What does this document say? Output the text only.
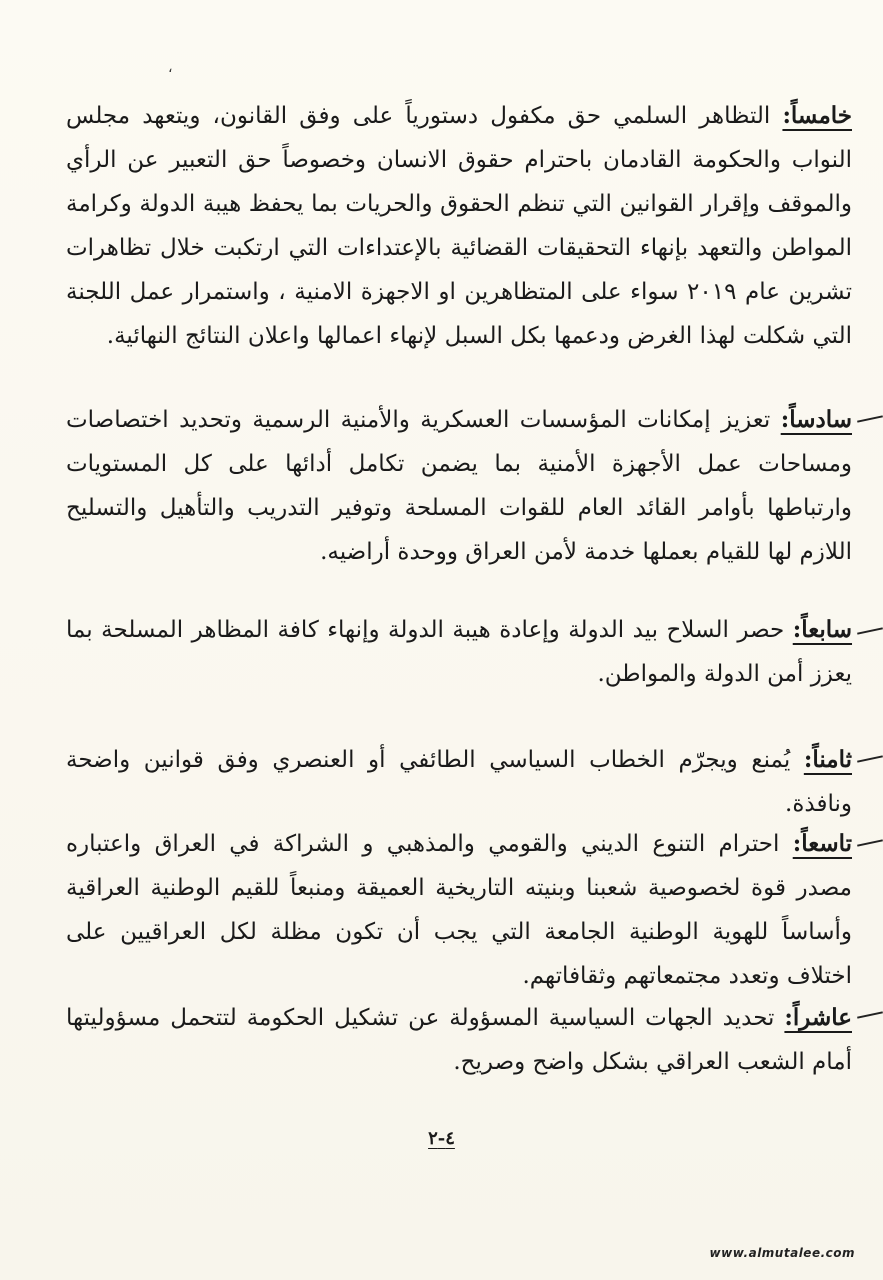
،
خامساً: التظاهر السلمي حق مكفول دستورياً على وفق القانون، ويتعهد مجلس النواب والحكومة القادمان باحترام حقوق الانسان وخصوصاً حق التعبير عن الرأي والموقف وإقرار القوانين التي تنظم الحقوق والحريات بما يحفظ هيبة الدولة وكرامة المواطن والتعهد بإنهاء التحقيقات القضائية بالإعتداءات التي ارتكبت خلال تظاهرات تشرين عام ٢٠١٩ سواء على المتظاهرين او الاجهزة الامنية ، واستمرار عمل اللجنة التي شكلت لهذا الغرض ودعمها بكل السبل لإنهاء اعمالها واعلان النتائج النهائية.
سادساً: تعزيز إمكانات المؤسسات العسكرية والأمنية الرسمية وتحديد اختصاصات ومساحات عمل الأجهزة الأمنية بما يضمن تكامل أدائها على كل المستويات وارتباطها بأوامر القائد العام للقوات المسلحة وتوفير التدريب والتأهيل والتسليح اللازم لها للقيام بعملها خدمة لأمن العراق ووحدة أراضيه.
سابعاً: حصر السلاح بيد الدولة وإعادة هيبة الدولة وإنهاء كافة المظاهر المسلحة بما يعزز أمن الدولة والمواطن.
ثامناً: يُمنع ويجرّم الخطاب السياسي الطائفي أو العنصري وفق قوانين واضحة ونافذة.
تاسعاً: احترام التنوع الديني والقومي والمذهبي و الشراكة في العراق واعتباره مصدر قوة لخصوصية شعبنا وبنيته التاريخية العميقة ومنبعاً للقيم الوطنية العراقية وأساساً للهوية الوطنية الجامعة التي يجب أن تكون مظلة لكل العراقيين على اختلاف وتعدد مجتمعاتهم وثقافاتهم.
عاشراً: تحديد الجهات السياسية المسؤولة عن تشكيل الحكومة لتتحمل مسؤوليتها أمام الشعب العراقي بشكل واضح وصريح.
٤-٢
www.almutalee.com
